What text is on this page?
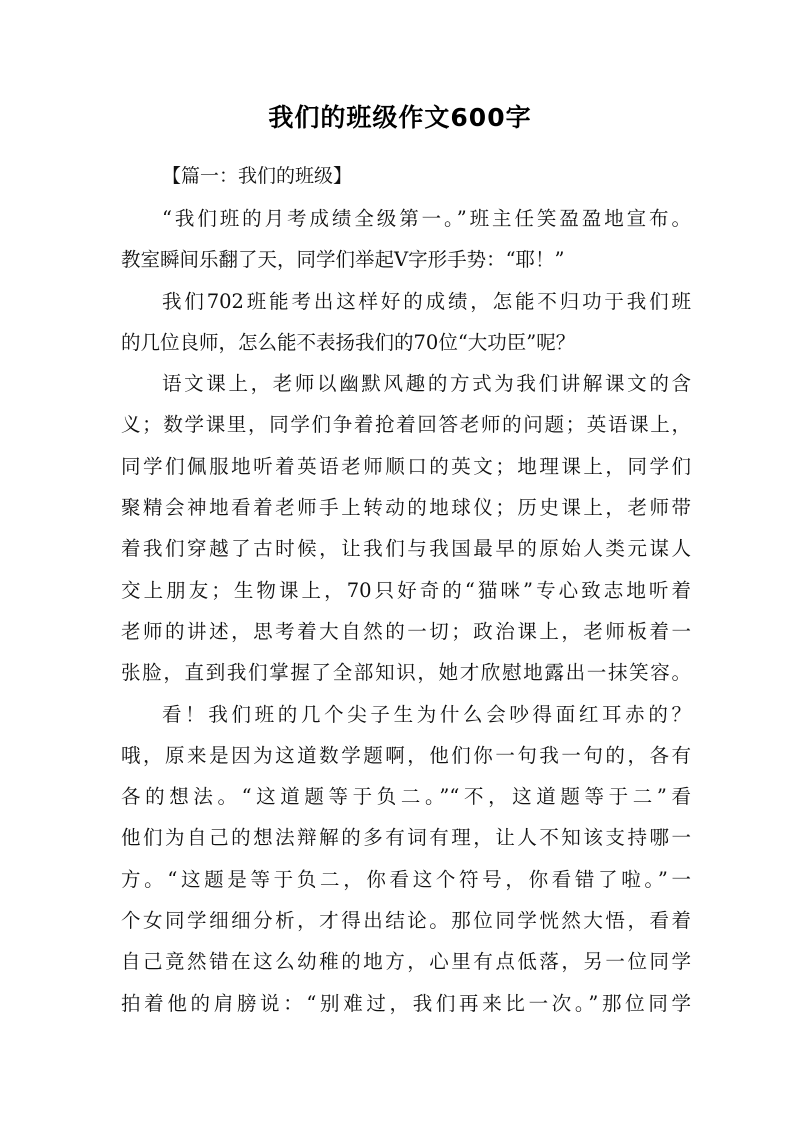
我们的班级作文600字
【篇一：我们的班级】
“我们班的月考成绩全级第一。”班主任笑盈盈地宣布。
教室瞬间乐翻了天，同学们举起V字形手势：“耶！”
我们702班能考出这样好的成绩，怎能不归功于我们班
的几位良师，怎么能不表扬我们的70位“大功臣”呢？
语文课上，老师以幽默风趣的方式为我们讲解课文的含
义；数学课里，同学们争着抢着回答老师的问题；英语课上，
同学们佩服地听着英语老师顺口的英文；地理课上，同学们
聚精会神地看着老师手上转动的地球仪；历史课上，老师带
着我们穿越了古时候，让我们与我国最早的原始人类元谋人
交上朋友；生物课上，70只好奇的“猫咪”专心致志地听着
老师的讲述，思考着大自然的一切；政治课上，老师板着一
张脸，直到我们掌握了全部知识，她才欣慰地露出一抹笑容。
看！我们班的几个尖子生为什么会吵得面红耳赤的？
哦，原来是因为这道数学题啊，他们你一句我一句的，各有
各的想法。“这道题等于负二。”“不，这道题等于二”看
他们为自己的想法辩解的多有词有理，让人不知该支持哪一
方。“这题是等于负二，你看这个符号，你看错了啦。”一
个女同学细细分析，才得出结论。那位同学恍然大悟，看着
自己竟然错在这么幼稚的地方，心里有点低落，另一位同学
拍着他的肩膀说：“别难过，我们再来比一次。”那位同学
